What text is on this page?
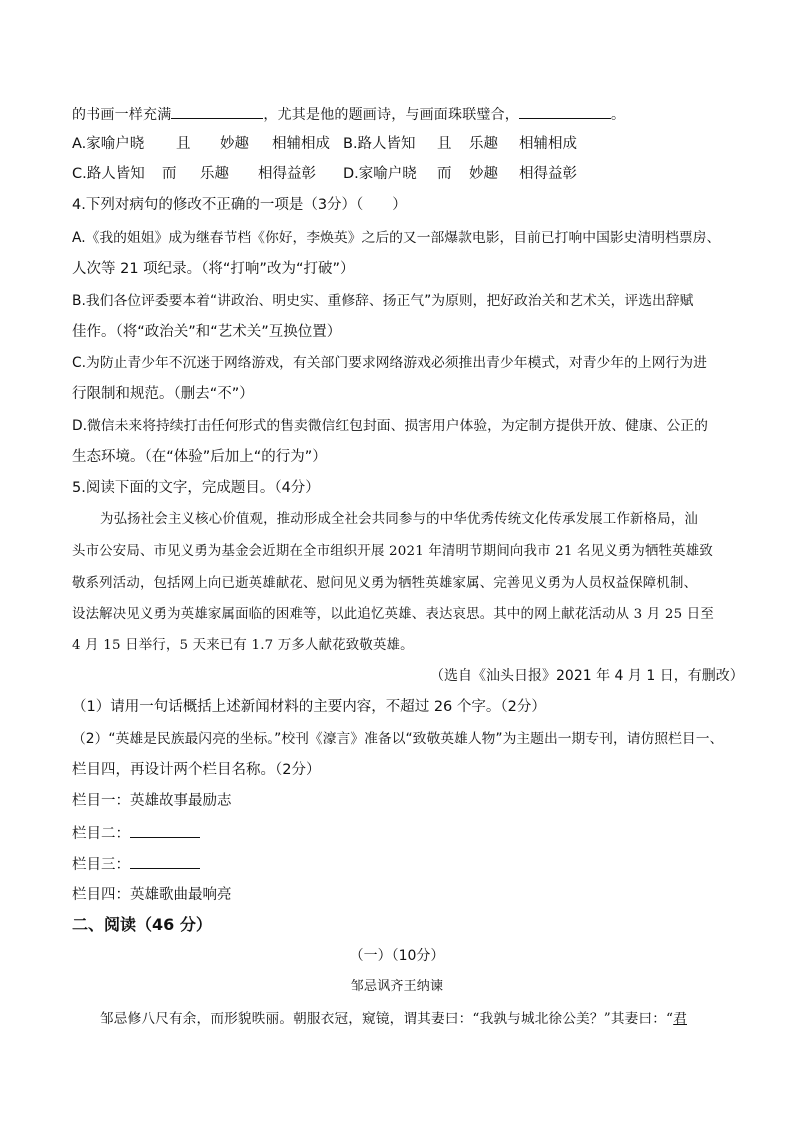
的书画一样充满	，尤其是他的题画诗，与画面珠联璧合，	。
A.家喻户晓 且 妙趣 相辅相成 B.路人皆知 且 乐趣 相辅相成
C.路人皆知 而 乐趣 相得益彰	D.家喻户晓 而 妙趣 相得益彰
4.下列对病句的修改不正确的一项是（3分）（　　）
A.《我的姐姐》成为继春节档《你好，李焕英》之后的又一部爆款电影，目前已打响中国影史清明档票房、
人次等 21 项纪录。（将“打响”改为“打破”）
B.我们各位评委要本着“讲政治、明史实、重修辞、扬正气”为原则，把好政治关和艺术关，评选出辞赋
佳作。（将“政治关”和“艺术关”互换位置）
C.为防止青少年不沉迷于网络游戏，有关部门要求网络游戏必须推出青少年模式，对青少年的上网行为进
行限制和规范。（删去“不”）
D.微信未来将持续打击任何形式的售卖微信红包封面、损害用户体验，为定制方提供开放、健康、公正的
生态环境。（在“体验”后加上“的行为”）
5.阅读下面的文字，完成题目。（4分）
为弘扬社会主义核心价值观，推动形成全社会共同参与的中华优秀传统文化传承发展工作新格局，汕
头市公安局、市见义勇为基金会近期在全市组织开展 2021 年清明节期间向我市 21 名见义勇为牺牲英雄致
敬系列活动，包括网上向已逝英雄献花、慰问见义勇为牺牲英雄家属、完善见义勇为人员权益保障机制、
设法解决见义勇为英雄家属面临的困难等，以此追忆英雄、表达哀思。其中的网上献花活动从 3 月 25 日至
4 月 15 日举行，5 天来已有 1.7 万多人献花致敬英雄。
（选自《汕头日报》2021 年 4 月 1 日，有删改）
（1）请用一句话概括上述新闻材料的主要内容，不超过 26 个字。（2分）
（2）“英雄是民族最闪亮的坐标。”校刊《濠言》准备以“致敬英雄人物”为主题出一期专刊，请仿照栏目一、
栏目四，再设计两个栏目名称。（2分）
栏目一：英雄故事最励志
栏目二：
栏目三：
栏目四：英雄歌曲最响亮
二、阅读（46 分）
（一）（10分）
邹忌讽齐王纳谏
邹忌修八尺有余，而形貌昳丽。朝服衣冠，窥镜，谓其妻曰：“我孰与城北徐公美？”其妻曰：“君
